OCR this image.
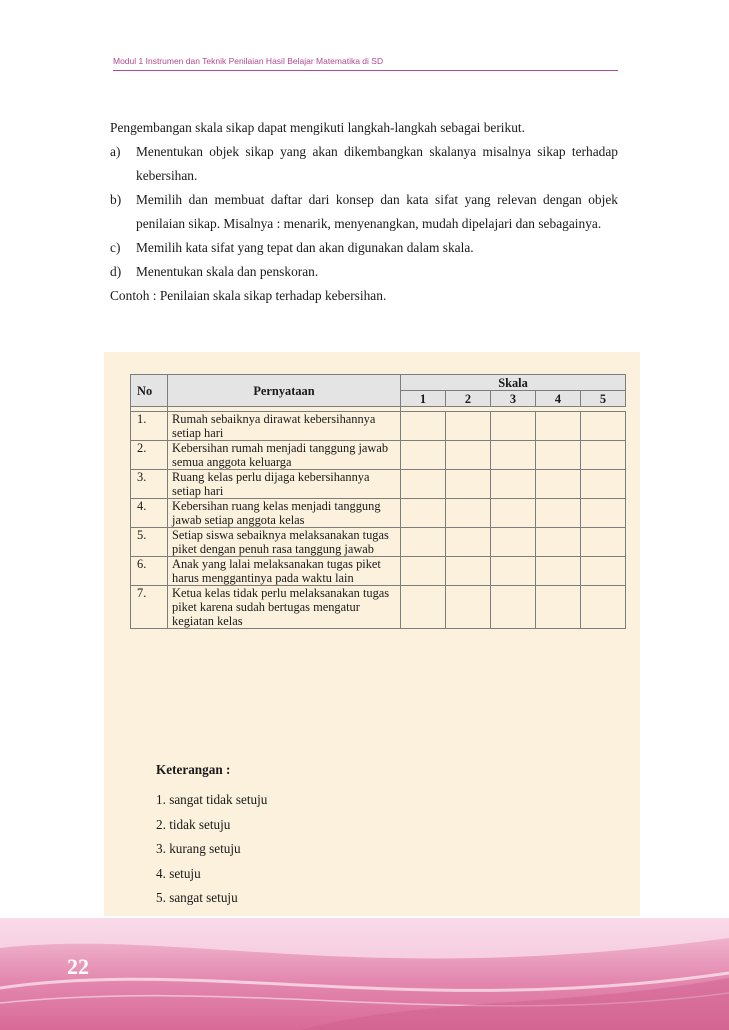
Modul 1 Instrumen dan Teknik Penilaian Hasil Belajar Matematika di SD

Pengembangan skala sikap dapat mengikuti langkah-langkah sebagai berikut.

a)	Menentukan objek sikap yang akan dikembangkan skalanya misalnya sikap terhadap kebersihan.
b)	Memilih dan membuat daftar dari konsep dan kata sifat yang relevan dengan objek penilaian sikap. Misalnya : menarik, menyenangkan, mudah dipelajari dan sebagainya.
c)	Memilih kata sifat yang tepat dan akan digunakan dalam skala.
d)	Menentukan skala dan penskoran.

Contoh : Penilaian skala sikap terhadap kebersihan.

No	Pernyataan	Skala				
		1	2	3	4	5

1.	Rumah sebaiknya dirawat kebersihannya setiap hari					
2.	Kebersihan rumah menjadi tanggung jawab semua anggota keluarga					
3.	Ruang kelas perlu dijaga kebersihannya setiap hari					
4.	Kebersihan ruang kelas menjadi tanggung jawab setiap anggota kelas					
5.	Setiap siswa sebaiknya melaksanakan tugas piket dengan penuh rasa tanggung jawab					
6.	Anak yang lalai melaksanakan tugas piket harus menggantinya pada waktu lain					
7.	Ketua kelas tidak perlu melaksanakan tugas piket karena sudah bertugas mengatur kegiatan kelas					
Keterangan :
1. sangat tidak setuju
2. tidak setuju
3. kurang setuju
4. setuju
5. sangat setuju
22
